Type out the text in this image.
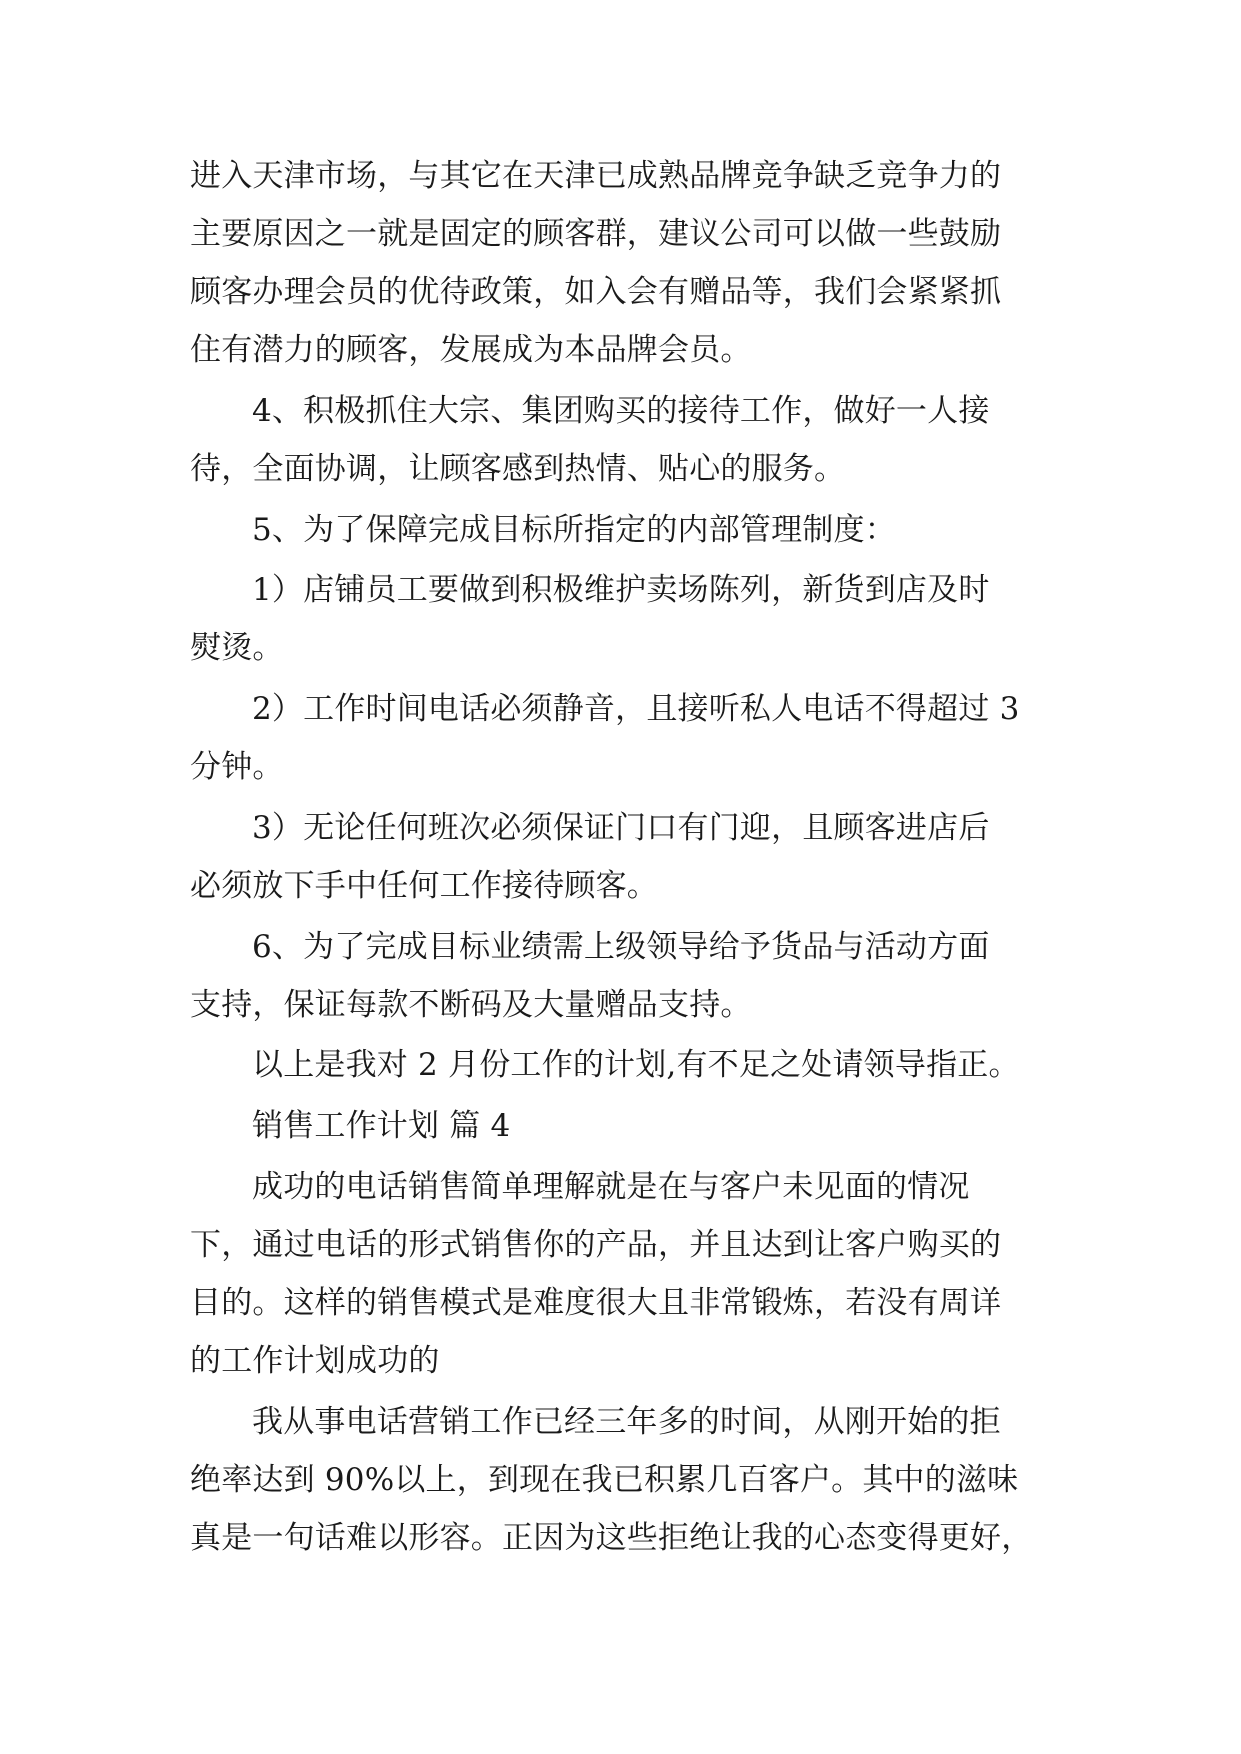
进入天津市场，与其它在天津已成熟品牌竞争缺乏竞争力的

主要原因之一就是固定的顾客群，建议公司可以做一些鼓励

顾客办理会员的优待政策，如入会有赠品等，我们会紧紧抓

住有潜力的顾客，发展成为本品牌会员。

4、积极抓住大宗、集团购买的接待工作，做好一人接

待，全面协调，让顾客感到热情、贴心的服务。

5、为了保障完成目标所指定的内部管理制度：

1）店铺员工要做到积极维护卖场陈列，新货到店及时

熨烫。

2）工作时间电话必须静音，且接听私人电话不得超过 3

分钟。

3）无论任何班次必须保证门口有门迎，且顾客进店后

必须放下手中任何工作接待顾客。

6、为了完成目标业绩需上级领导给予货品与活动方面

支持，保证每款不断码及大量赠品支持。

以上是我对 2 月份工作的计划,有不足之处请领导指正。

销售工作计划 篇 4

成功的电话销售简单理解就是在与客户未见面的情况

下，通过电话的形式销售你的产品，并且达到让客户购买的

目的。这样的销售模式是难度很大且非常锻炼，若没有周详

的工作计划成功的

我从事电话营销工作已经三年多的时间，从刚开始的拒

绝率达到 90%以上，到现在我已积累几百客户。其中的滋味

真是一句话难以形容。正因为这些拒绝让我的心态变得更好，
